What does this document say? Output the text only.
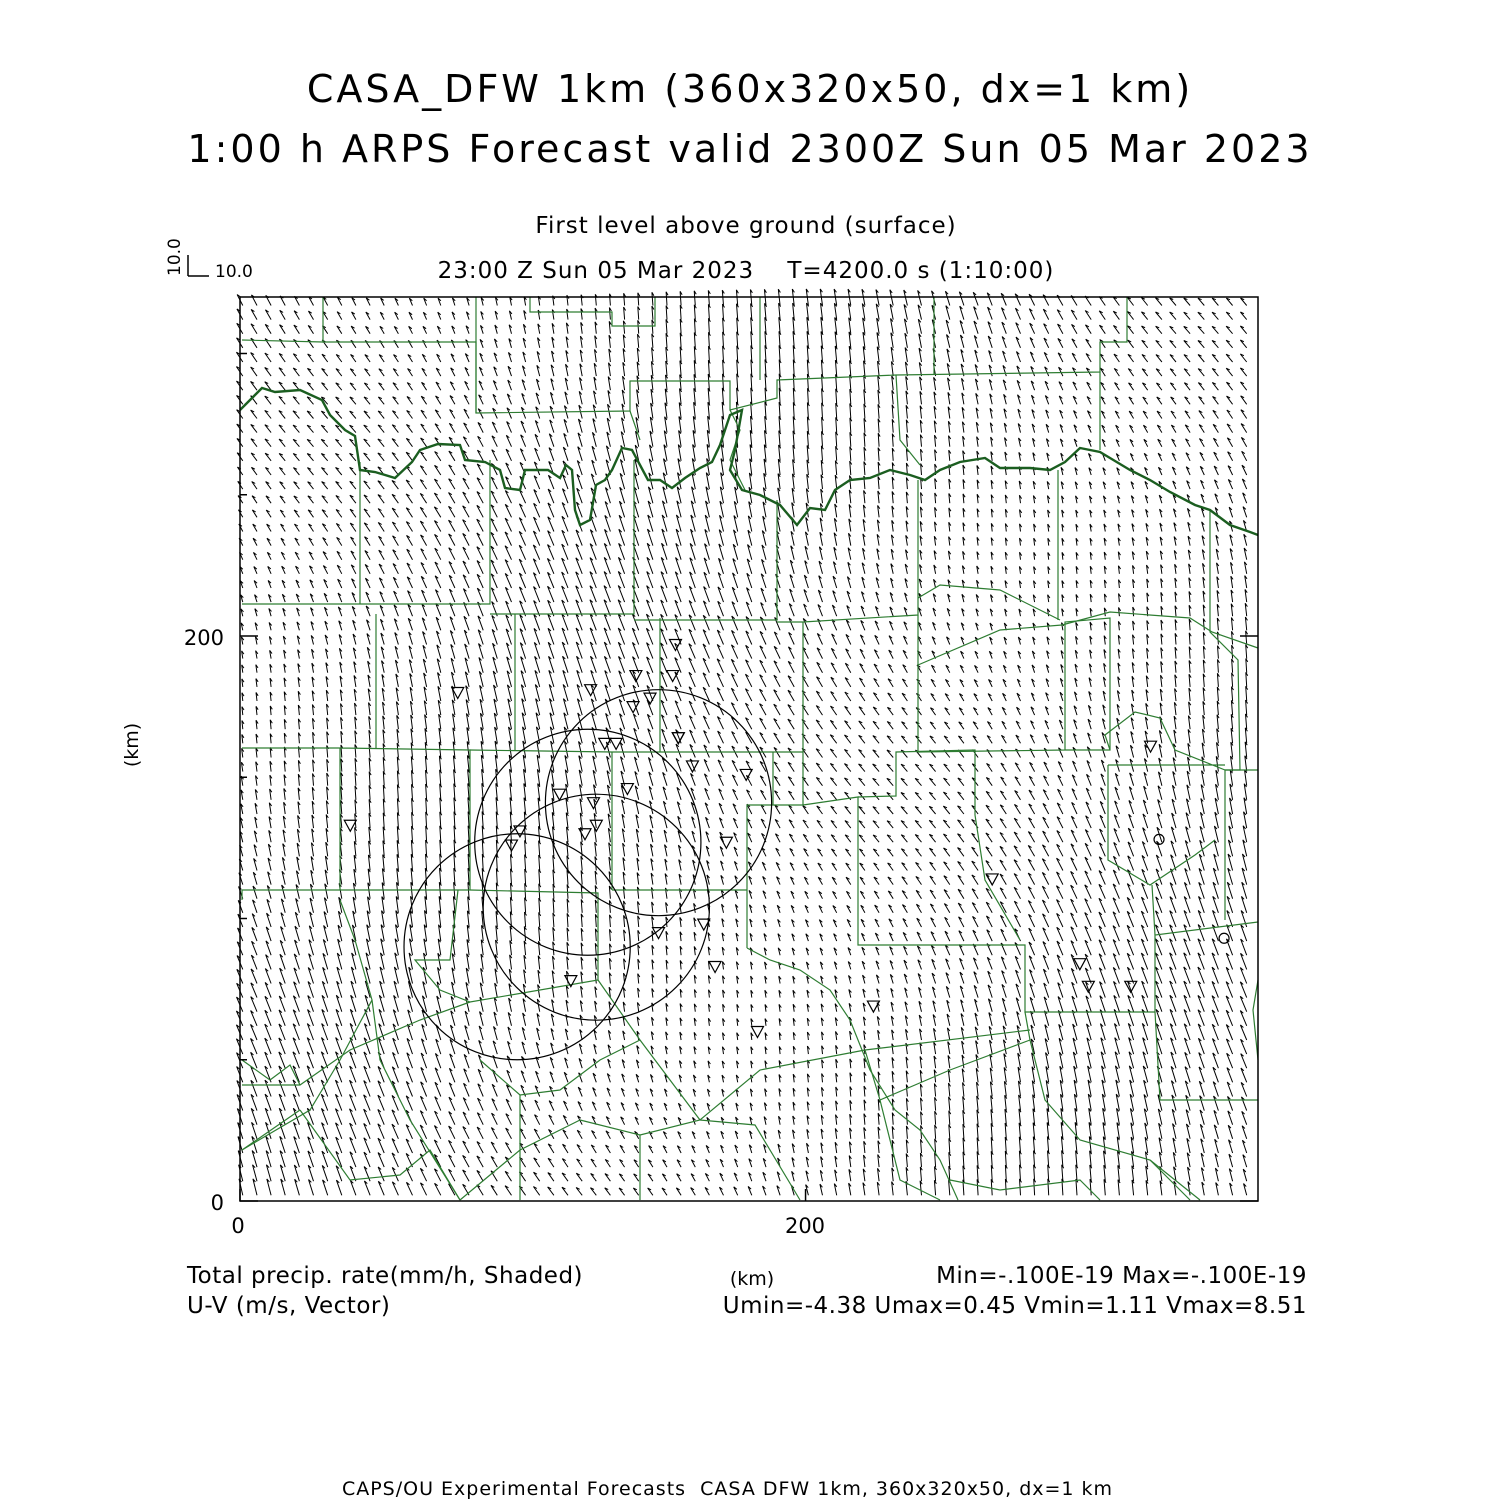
CASA_DFW 1km (360x320x50, dx=1 km)
1:00 h ARPS Forecast valid 2300Z Sun 05 Mar 2023
First level above ground (surface)
23:00 Z Sun 05 Mar 2023    T=4200.0 s (1:10:00)
200
0
0	200
(km)
(km)
10.0
10.0
Total precip. rate(mm/h, Shaded)
U-V (m/s, Vector)
Min=-.100E-19 Max=-.100E-19
Umin=-4.38 Umax=0.45 Vmin=1.11 Vmax=8.51
CAPS/OU Experimental Forecasts  CASA DFW 1km, 360x320x50, dx=1 km
